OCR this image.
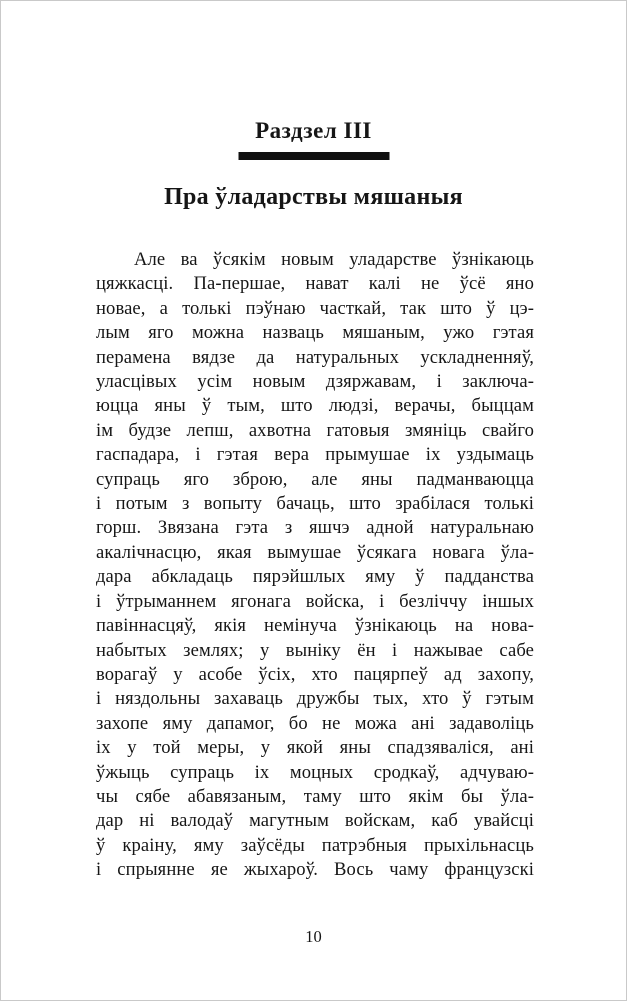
Раздзел III
Пра ўладарствы мяшаныя
Але ва ўсякім новым уладарстве ўзнікаюць
цяжкасці. Па-першае, нават калі не ўсё яно
новае, а толькі пэўнаю часткай, так што ў цэ-
лым яго можна назваць мяшаным, ужо гэтая
перамена вядзе да натуральных ускладненняў,
уласцівых усім новым дзяржавам, і заключа-
юцца яны ў тым, што людзі, верачы, быццам
ім будзе лепш, ахвотна гатовыя змяніць свайго
гаспадара, і гэтая вера прымушае іх уздымаць
супраць яго зброю, але яны падманваюцца
і потым з вопыту бачаць, што зрабілася толькі
горш. Звязана гэта з яшчэ адной натуральнаю
акалічнасцю, якая вымушае ўсякага новага ўла-
дара абкладаць пярэйшлых яму ў падданства
і ўтрыманнем ягонага войска, і безліччу іншых
павіннасцяў, якія немінуча ўзнікаюць на нова-
набытых землях; у выніку ён і нажывае сабе
ворагаў у асобе ўсіх, хто пацярпеў ад захопу,
і няздольны захаваць дружбы тых, хто ў гэтым
захопе яму дапамог, бо не можа ані задаволіць
іх у той меры, у якой яны спадзяваліся, ані
ўжыць супраць іх моцных сродкаў, адчуваю-
чы сябе абавязаным, таму што якім бы ўла-
дар ні валодаў магутным войскам, каб увайсці
ў краіну, яму заўсёды патрэбныя прыхільнасць
і спрыянне яе жыхароў. Вось чаму французскі
10
